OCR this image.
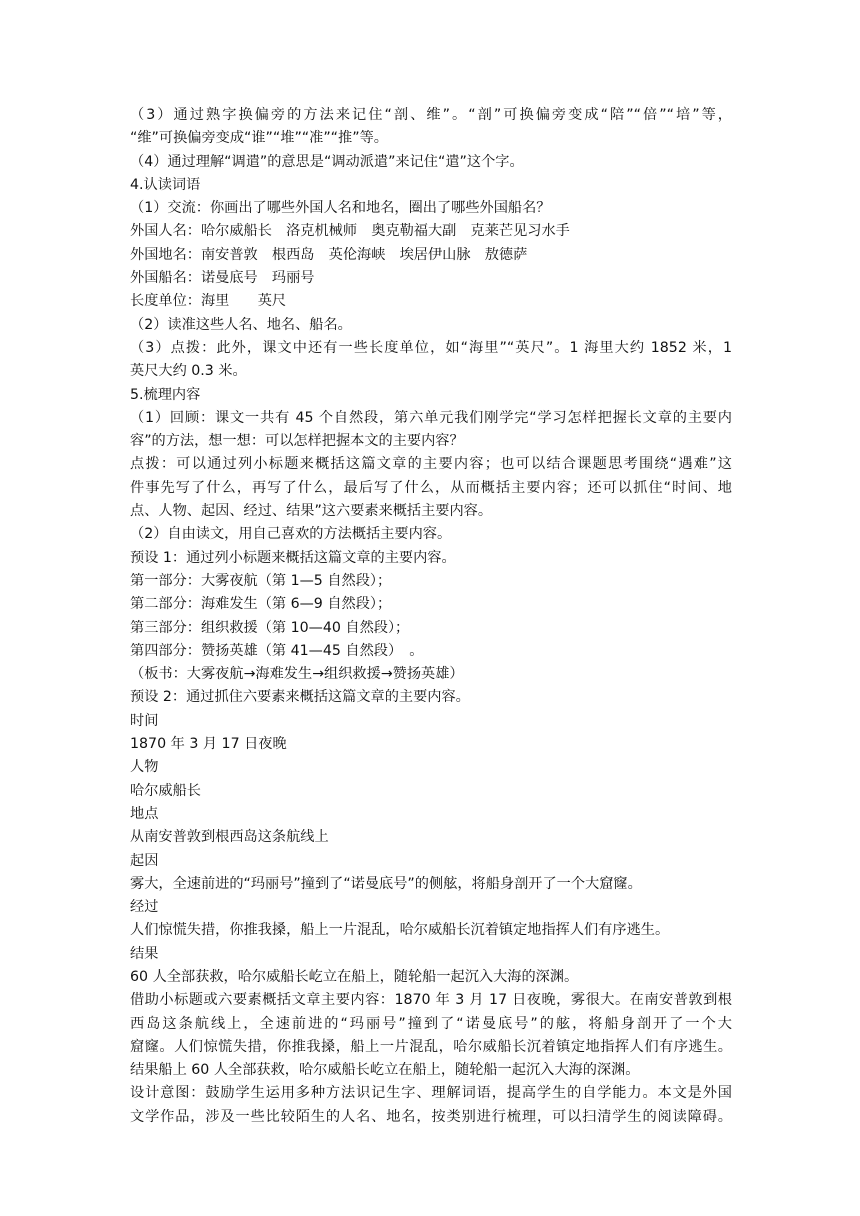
（3）通过熟字换偏旁的方法来记住“剖、维”。“剖”可换偏旁变成“陪”“倍”“培”等，
“维”可换偏旁变成“谁”“堆”“准”“推”等。
（4）通过理解“调遣”的意思是“调动派遣”来记住“遣”这个字。
4.认读词语
（1）交流：你画出了哪些外国人名和地名，圈出了哪些外国船名？
外国人名：哈尔威船长　洛克机械师　奥克勒福大副　克莱芒见习水手
外国地名：南安普敦　根西岛　英伦海峡　埃居伊山脉　敖德萨
外国船名：诺曼底号　玛丽号
长度单位：海里　　英尺
（2）读准这些人名、地名、船名。
（3）点拨：此外，课文中还有一些长度单位，如“海里”“英尺”。1 海里大约 1852 米，1
英尺大约 0.3 米。
5.梳理内容
（1）回顾：课文一共有 45 个自然段，第六单元我们刚学完“学习怎样把握长文章的主要内
容”的方法，想一想：可以怎样把握本文的主要内容？
点拨：可以通过列小标题来概括这篇文章的主要内容；也可以结合课题思考围绕“遇难”这
件事先写了什么，再写了什么，最后写了什么，从而概括主要内容；还可以抓住“时间、地
点、人物、起因、经过、结果”这六要素来概括主要内容。
（2）自由读文，用自己喜欢的方法概括主要内容。
预设 1：通过列小标题来概括这篇文章的主要内容。
第一部分：大雾夜航（第 1—5 自然段）；
第二部分：海难发生（第 6—9 自然段）；
第三部分：组织救援（第 10—40 自然段）；
第四部分：赞扬英雄（第 41—45 自然段）　。
（板书：大雾夜航→海难发生→组织救援→赞扬英雄）
预设 2：通过抓住六要素来概括这篇文章的主要内容。
时间
1870 年 3 月 17 日夜晚
人物
哈尔威船长
地点
从南安普敦到根西岛这条航线上
起因
雾大，全速前进的“玛丽号”撞到了“诺曼底号”的侧舷，将船身剖开了一个大窟窿。
经过
人们惊慌失措，你推我搡，船上一片混乱，哈尔威船长沉着镇定地指挥人们有序逃生。
结果
60 人全部获救，哈尔威船长屹立在船上，随轮船一起沉入大海的深渊。
借助小标题或六要素概括文章主要内容：1870 年 3 月 17 日夜晚，雾很大。在南安普敦到根
西岛这条航线上，全速前进的“玛丽号”撞到了“诺曼底号”的舷，将船身剖开了一个大
窟窿。人们惊慌失措，你推我搡，船上一片混乱，哈尔威船长沉着镇定地指挥人们有序逃生。
结果船上 60 人全部获救，哈尔威船长屹立在船上，随轮船一起沉入大海的深渊。
设计意图：鼓励学生运用多种方法识记生字、理解词语，提高学生的自学能力。本文是外国
文学作品，涉及一些比较陌生的人名、地名，按类别进行梳理，可以扫清学生的阅读障碍。
